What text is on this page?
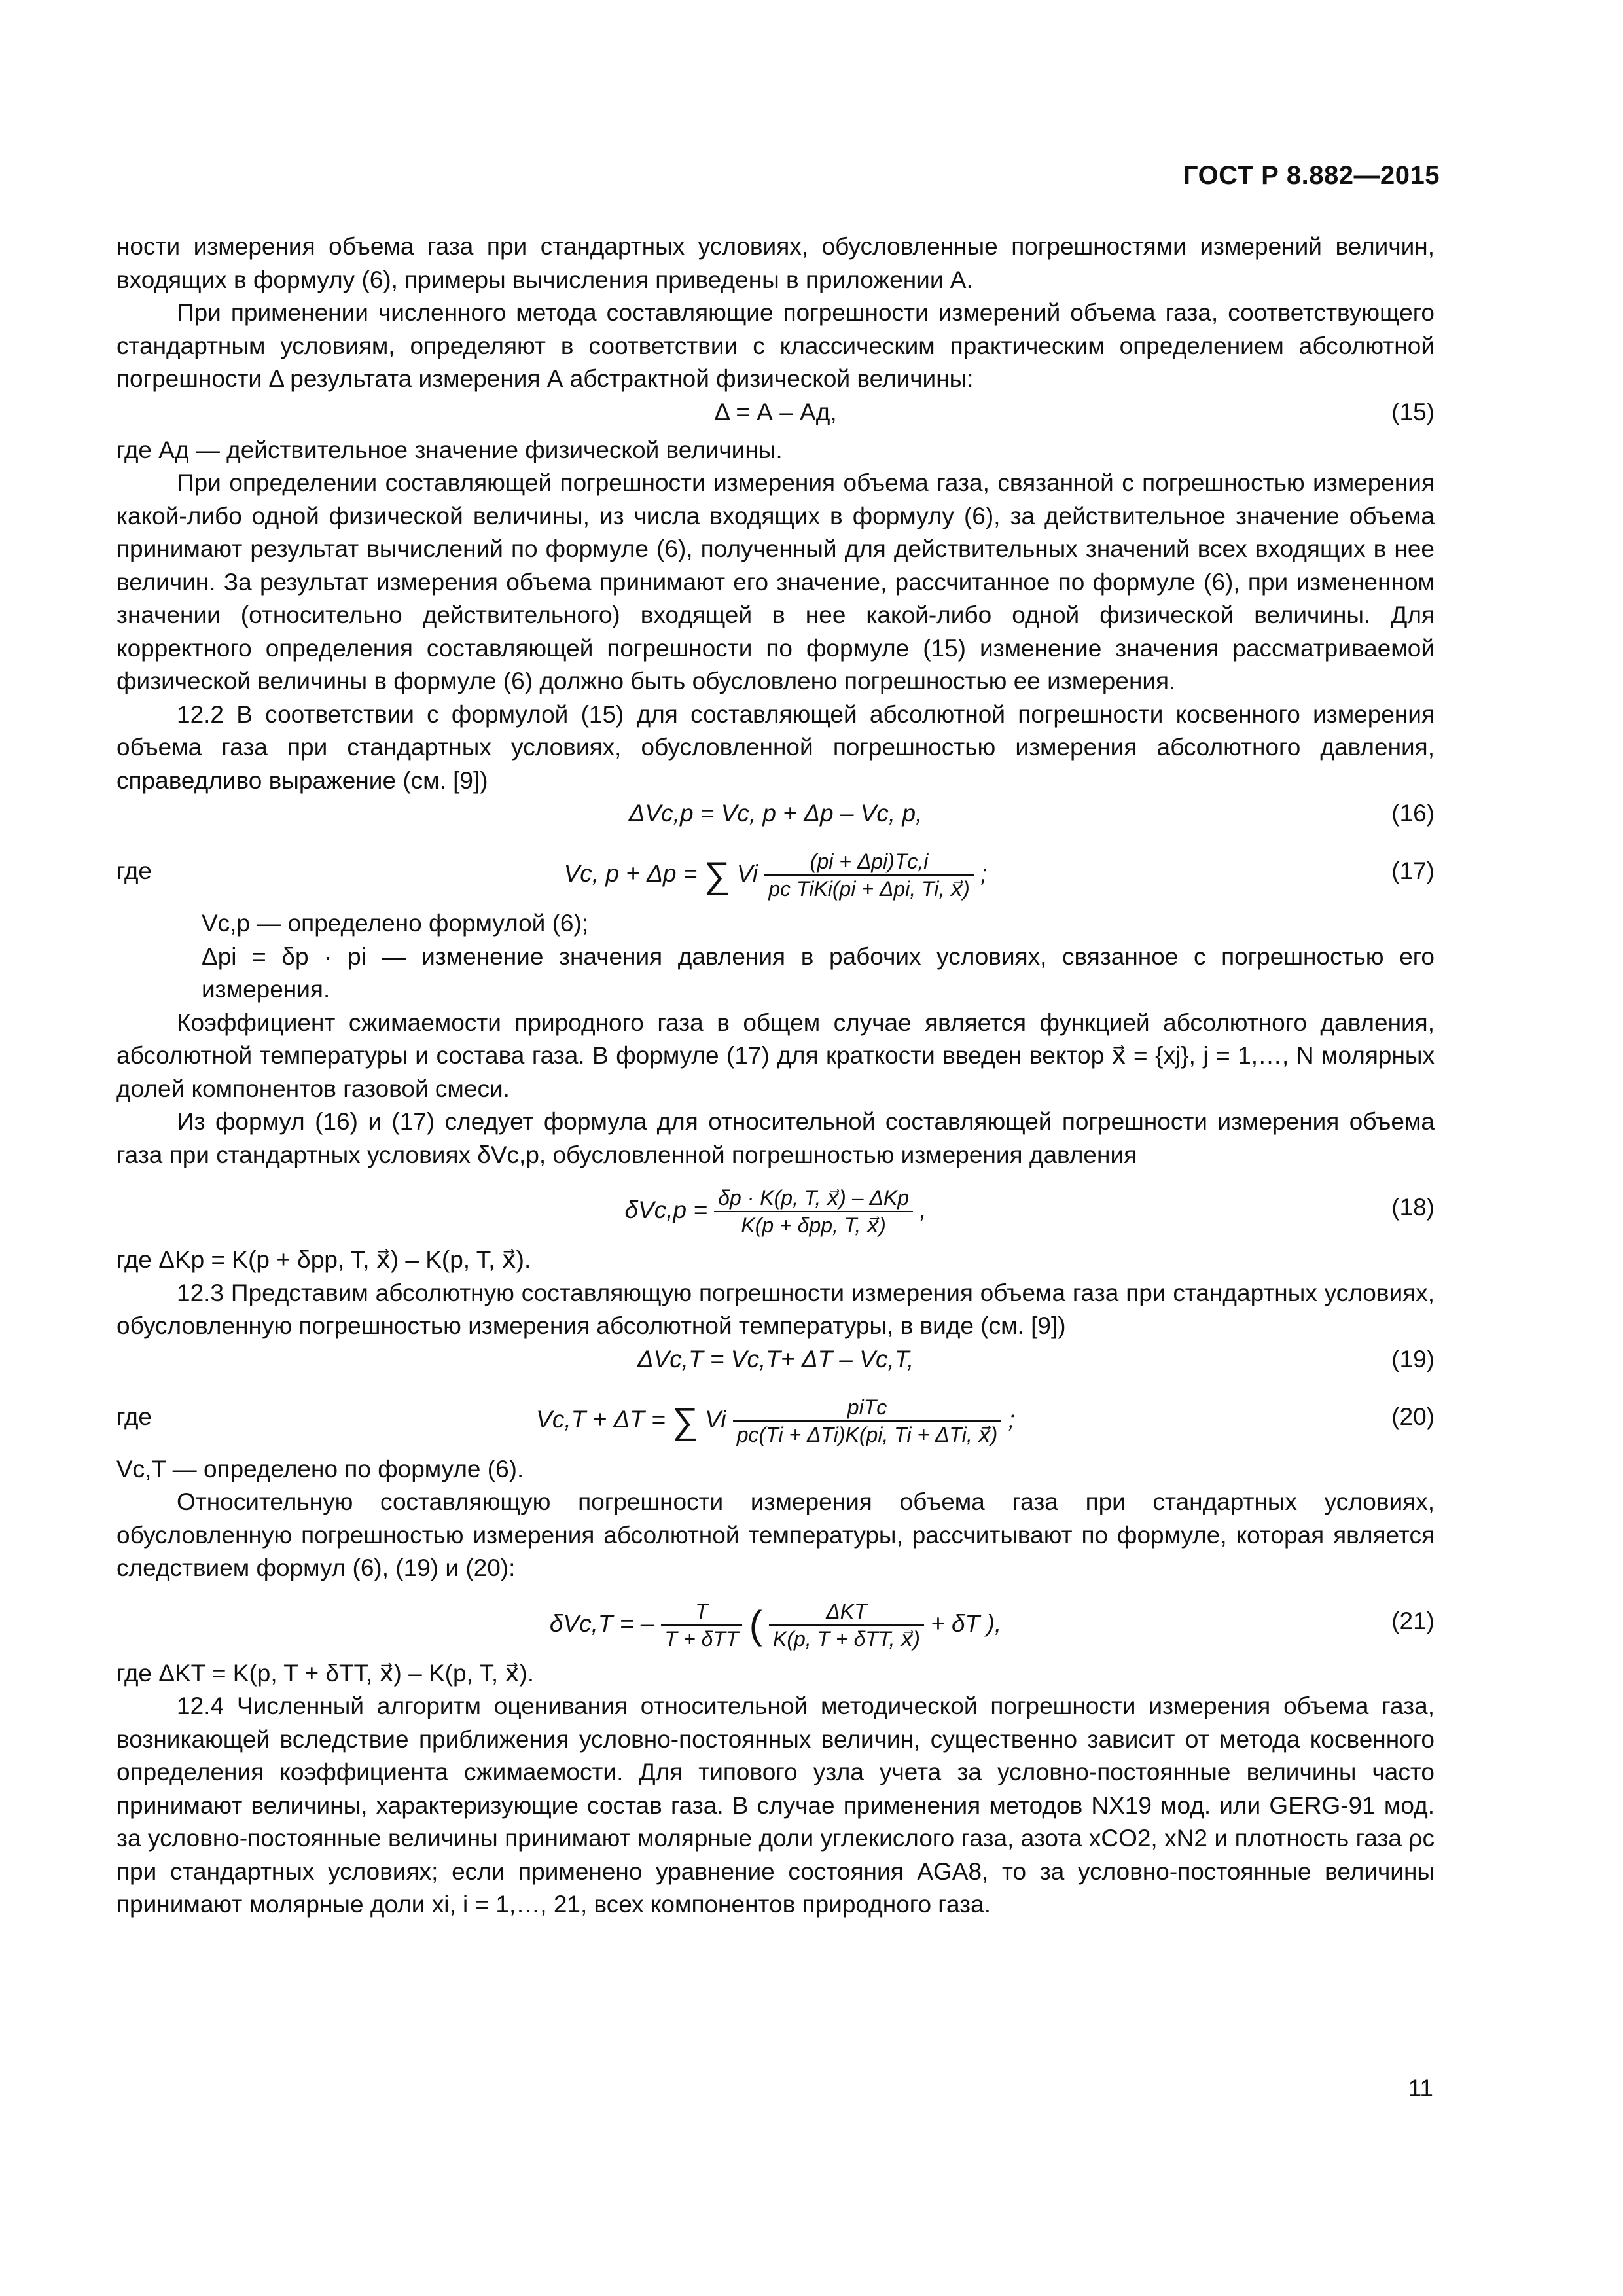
ГОСТ Р 8.882—2015

ности измерения объема газа при стандартных условиях, обусловленные погрешностями измерений величин, входящих в формулу (6), примеры вычисления приведены в приложении А.

При применении численного метода составляющие погрешности измерений объема газа, соответствующего стандартным условиям, определяют в соответствии с классическим практическим определением абсолютной погрешности Δ результата измерения А абстрактной физической величины:

Δ = А – Ад,	(15)

где Ад — действительное значение физической величины.

При определении составляющей погрешности измерения объема газа, связанной с погрешностью измерения какой-либо одной физической величины, из числа входящих в формулу (6), за действительное значение объема принимают результат вычислений по формуле (6), полученный для действительных значений всех входящих в нее величин. За результат измерения объема принимают его значение, рассчитанное по формуле (6), при измененном значении (относительно действительного) входящей в нее какой-либо одной физической величины. Для корректного определения составляющей погрешности по формуле (15) изменение значения рассматриваемой физической величины в формуле (6) должно быть обусловлено погрешностью ее измерения.

12.2 В соответствии с формулой (15) для составляющей абсолютной погрешности косвенного измерения объема газа при стандартных условиях, обусловленной погрешностью измерения абсолютного давления, справедливо выражение (см. [9])

ΔVс,p = Vс, p + Δp – Vс, p,	(16)
где	Vс, p + Δp = ∑ Vi $\frac{\text{(pi + Δpi)Tс,i}}{\text{pс TiKi(pi + Δpi, Ti, x⃗)}}$ ;	(17)

Vс,p — определено формулой (6);

Δpi = δp · pi — изменение значения давления в рабочих условиях, связанное с погрешностью его измерения.

Коэффициент сжимаемости природного газа в общем случае является функцией абсолютного давления, абсолютной температуры и состава газа. В формуле (17) для краткости введен вектор x⃗ = {xj}, j = 1,…, N молярных долей компонентов газовой смеси.

Из формул (16) и (17) следует формула для относительной составляющей погрешности измерения объема газа при стандартных условиях δVс,p, обусловленной погрешностью измерения давления

$\delta Vс,p = \frac{\text{δp · K(p, T, x⃗) – ΔKp}}{\text{K(p + δpp, T, x⃗)}}$ ,	(18)

где ΔKp = K(p + δpp, T, x⃗) – K(p, T, x⃗).

12.3 Представим абсолютную составляющую погрешности измерения объема газа при стандартных условиях, обусловленную погрешностью измерения абсолютной температуры, в виде (см. [9])

ΔVс,T = Vс,T+ ΔT – Vс,T,	(19)
где	Vс,T + ΔT = ∑ Vi $\frac{\text{piTс}}{\text{pс(Ti + ΔTi)K(pi, Ti + ΔTi, x⃗)}}$ ;	(20)

Vс,T — определено по формуле (6).

Относительную составляющую погрешности измерения объема газа при стандартных условиях, обусловленную погрешностью измерения абсолютной температуры, рассчитывают по формуле, которая является следствием формул (6), (19) и (20):

δVс,T = – $\frac{T}{\text{T + δTT}}$ ( $\frac{\text{ΔKT}}{\text{K(p, T + δTT, x⃗)}} + \delta T$ ),	(21)

где ΔKT = K(p, T + δTT, x⃗) – K(p, T, x⃗).

12.4 Численный алгоритм оценивания относительной методической погрешности измерения объема газа, возникающей вследствие приближения условно-постоянных величин, существенно зависит от метода косвенного определения коэффициента сжимаемости. Для типового узла учета за условно-постоянные величины часто принимают величины, характеризующие состав газа. В случае применения методов NX19 мод. или GERG-91 мод. за условно-постоянные величины принимают молярные доли углекислого газа, азота xCO2, xN2 и плотность газа ρс при стандартных условиях; если применено уравнение состояния AGA8, то за условно-постоянные величины принимают молярные доли xi, i = 1,…, 21, всех компонентов природного газа.

11
